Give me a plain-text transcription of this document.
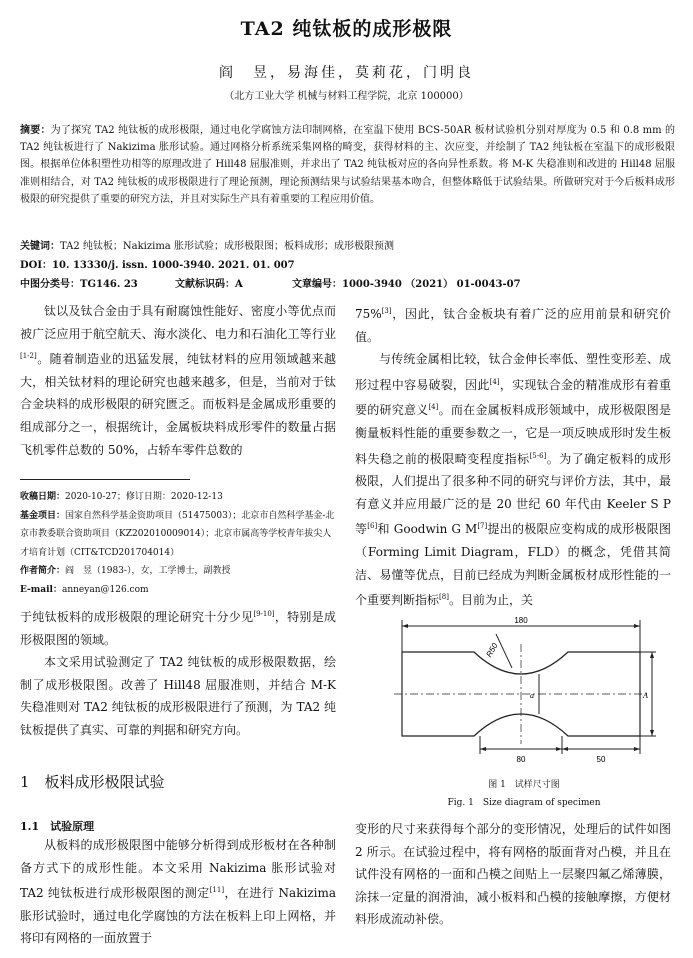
TA2 纯钛板的成形极限
阎　昱，易海佳，莫莉花，门明良
（北方工业大学 机械与材料工程学院，北京 100000）
摘要：为了探究 TA2 纯钛板的成形极限，通过电化学腐蚀方法印制网格，在室温下使用 BCS-50AR 板材试验机分别对厚度为 0.5 和 0.8 mm 的 TA2 纯钛板进行了 Nakizima 胀形试验。通过网格分析系统采集网格的畸变，获得材料的主、次应变，并绘制了 TA2 纯钛板在室温下的成形极限图。根据单位体积塑性功相等的原理改进了 Hill48 屈服准则，并求出了 TA2 纯钛板对应的各向异性系数。将 M-K 失稳准则和改进的 Hill48 屈服准则相结合，对 TA2 纯钛板的成形极限进行了理论预测，理论预测结果与试验结果基本吻合，但整体略低于试验结果。所做研究对于今后板料成形极限的研究提供了重要的研究方法，并且对实际生产具有着重要的工程应用价值。
关键词：TA2 纯钛板；Nakizima 胀形试验；成形极限图；板料成形；成形极限预测
DOI：10. 13330/j. issn. 1000-3940. 2021. 01. 007
中图分类号：TG146. 23	文献标识码：A	文章编号：1000-3940 （2021） 01-0043-07

钛以及钛合金由于具有耐腐蚀性能好、密度小等优点而被广泛应用于航空航天、海水淡化、电力和石油化工等行业[1-2]。随着制造业的迅猛发展，纯钛材料的应用领域越来越大，相关钛材料的理论研究也越来越多，但是，当前对于钛合金块料的成形极限的研究匮乏。而板料是金属成形重要的组成部分之一，根据统计，金属板块料成形零件的数量占据飞机零件总数的 50%，占轿车零件总数的

收稿日期：2020-10-27；修订日期：2020-12-13
基金项目：国家自然科学基金资助项目（51475003）；北京市自然科学基金-北京市教委联合资助项目（KZ202010009014）；北京市属高等学校青年拔尖人才培育计划（CIT&TCD201704014）
作者简介：阎　昱（1983-），女，工学博士，副教授
E-mail：anneyan@126.com

于纯钛板料的成形极限的理论研究十分少见[9-10]，特别是成形极限图的领域。

本文采用试验测定了 TA2 纯钛板的成形极限数据，绘制了成形极限图。改善了 Hill48 屈服准则，并结合 M-K 失稳准则对 TA2 纯钛板的成形极限进行了预测，为 TA2 纯钛板提供了真实、可靠的判据和研究方向。

1　板料成形极限试验
1.1　试验原理

从板料的成形极限图中能够分析得到成形板材在各种制备方式下的成形性能。本文采用 Nakizima 胀形试验对 TA2 纯钛板进行成形极限图的测定[11]，在进行 Nakizima 胀形试验时，通过电化学腐蚀的方法在板料上印上网格，并将印有网格的一面放置于

75%[3]，因此，钛合金板块有着广泛的应用前景和研究价值。

与传统金属相比较，钛合金伸长率低、塑性变形差、成形过程中容易破裂，因此[4]，实现钛合金的精准成形有着重要的研究意义[4]。而在金属板料成形领域中，成形极限图是衡量板料性能的重要参数之一，它是一项反映成形时发生板料失稳之前的极限畸变程度指标[5-6]。为了确定板料的成形极限，人们提出了很多种不同的研究与评价方法，其中，最有意义并应用最广泛的是 20 世纪 60 年代由 Keeler S P 等[6]和 Goodwin G M[7]提出的极限应变构成的成形极限图（Forming Limit Diagram，FLD）的概念，凭借其简洁、易懂等优点，目前已经成为判断金属板材成形性能的一个重要判断指标[8]。目前为止，关

180
R50
a	A
80	50
图 1　试样尺寸图
Fig. 1　Size diagram of specimen

变形的尺寸来获得每个部分的变形情况，处理后的试件如图 2 所示。在试验过程中，将有网格的版面背对凸模，并且在试件没有网格的一面和凸模之间贴上一层聚四氟乙烯薄膜，涂抹一定量的润滑油，减小板料和凸模的接触摩擦，方便材料形成流动补偿。
